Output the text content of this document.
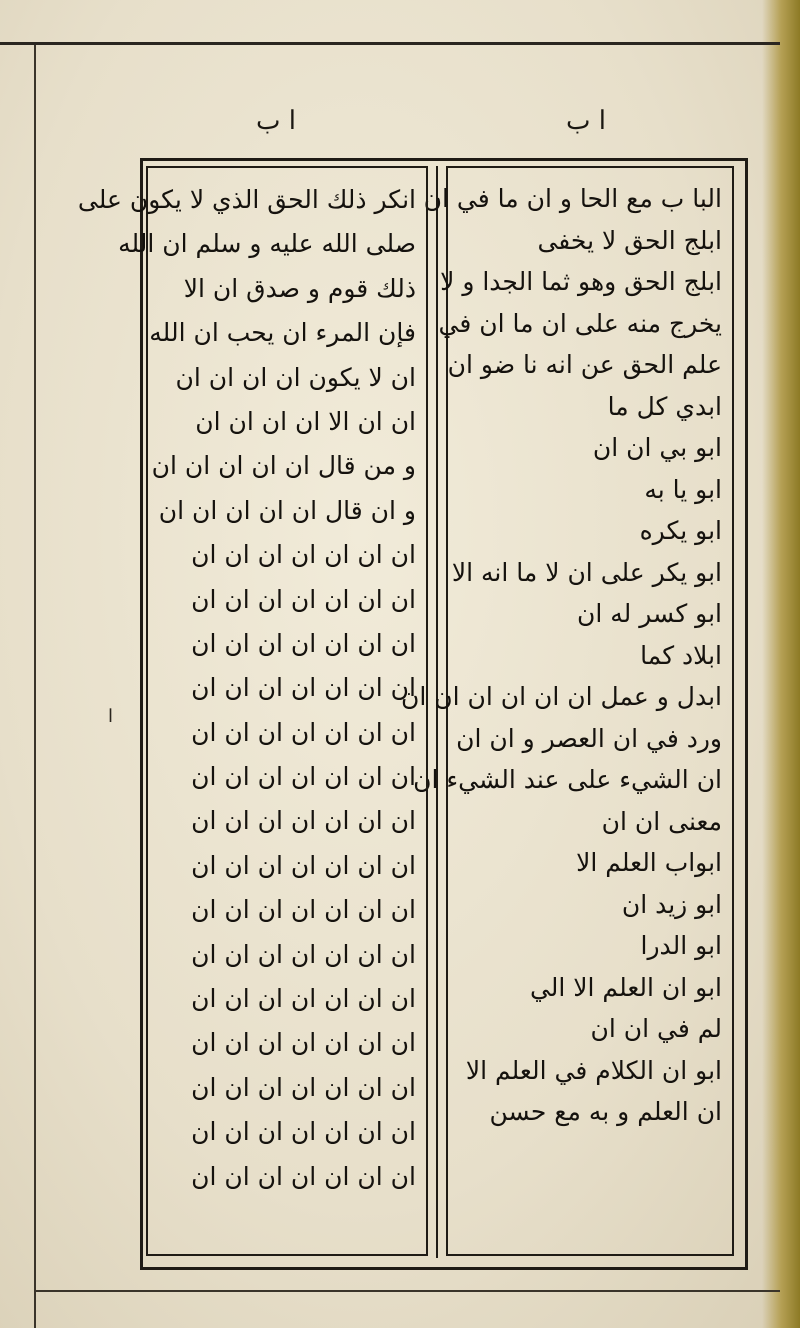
ا ب	ا ب
ا
البا ب مع الحا و ان ما في ان
ابلج الحق لا يخفى
ابلج الحق وهو ثما الجدا و لا
يخرج منه على ان ما ان في
علم الحق عن انه نا ضو ان
ابدي كل ما
ابو بي ان ان
ابو يا به
ابو يكره
ابو يكر على ان لا ما انه الا
ابو كسر له ان
ابلاد كما
ابدل و عمل ان ان ان ان ان ان
ورد في ان العصر و ان ان
ان الشيء على عند الشيء ان
معنى ان ان
ابواب العلم الا
ابو زيد ان
ابو الدرا
ابو ان العلم الا الي
لم في ان ان
ابو ان الكلام في العلم الا
ان العلم و به مع حسن
انكر ذلك الحق الذي لا يكون على
صلى الله عليه و سلم ان الله
ذلك قوم و صدق ان الا
فإن المرء ان يحب ان الله
ان لا يكون ان ان ان ان
ان ان الا ان ان ان ان
و من قال ان ان ان ان ان
و ان قال ان ان ان ان ان
ان ان ان ان ان ان ان
ان ان ان ان ان ان ان
ان ان ان ان ان ان ان
ان ان ان ان ان ان ان
ان ان ان ان ان ان ان
ان ان ان ان ان ان ان
ان ان ان ان ان ان ان
ان ان ان ان ان ان ان
ان ان ان ان ان ان ان
ان ان ان ان ان ان ان
ان ان ان ان ان ان ان
ان ان ان ان ان ان ان
ان ان ان ان ان ان ان
ان ان ان ان ان ان ان
ان ان ان ان ان ان ان
